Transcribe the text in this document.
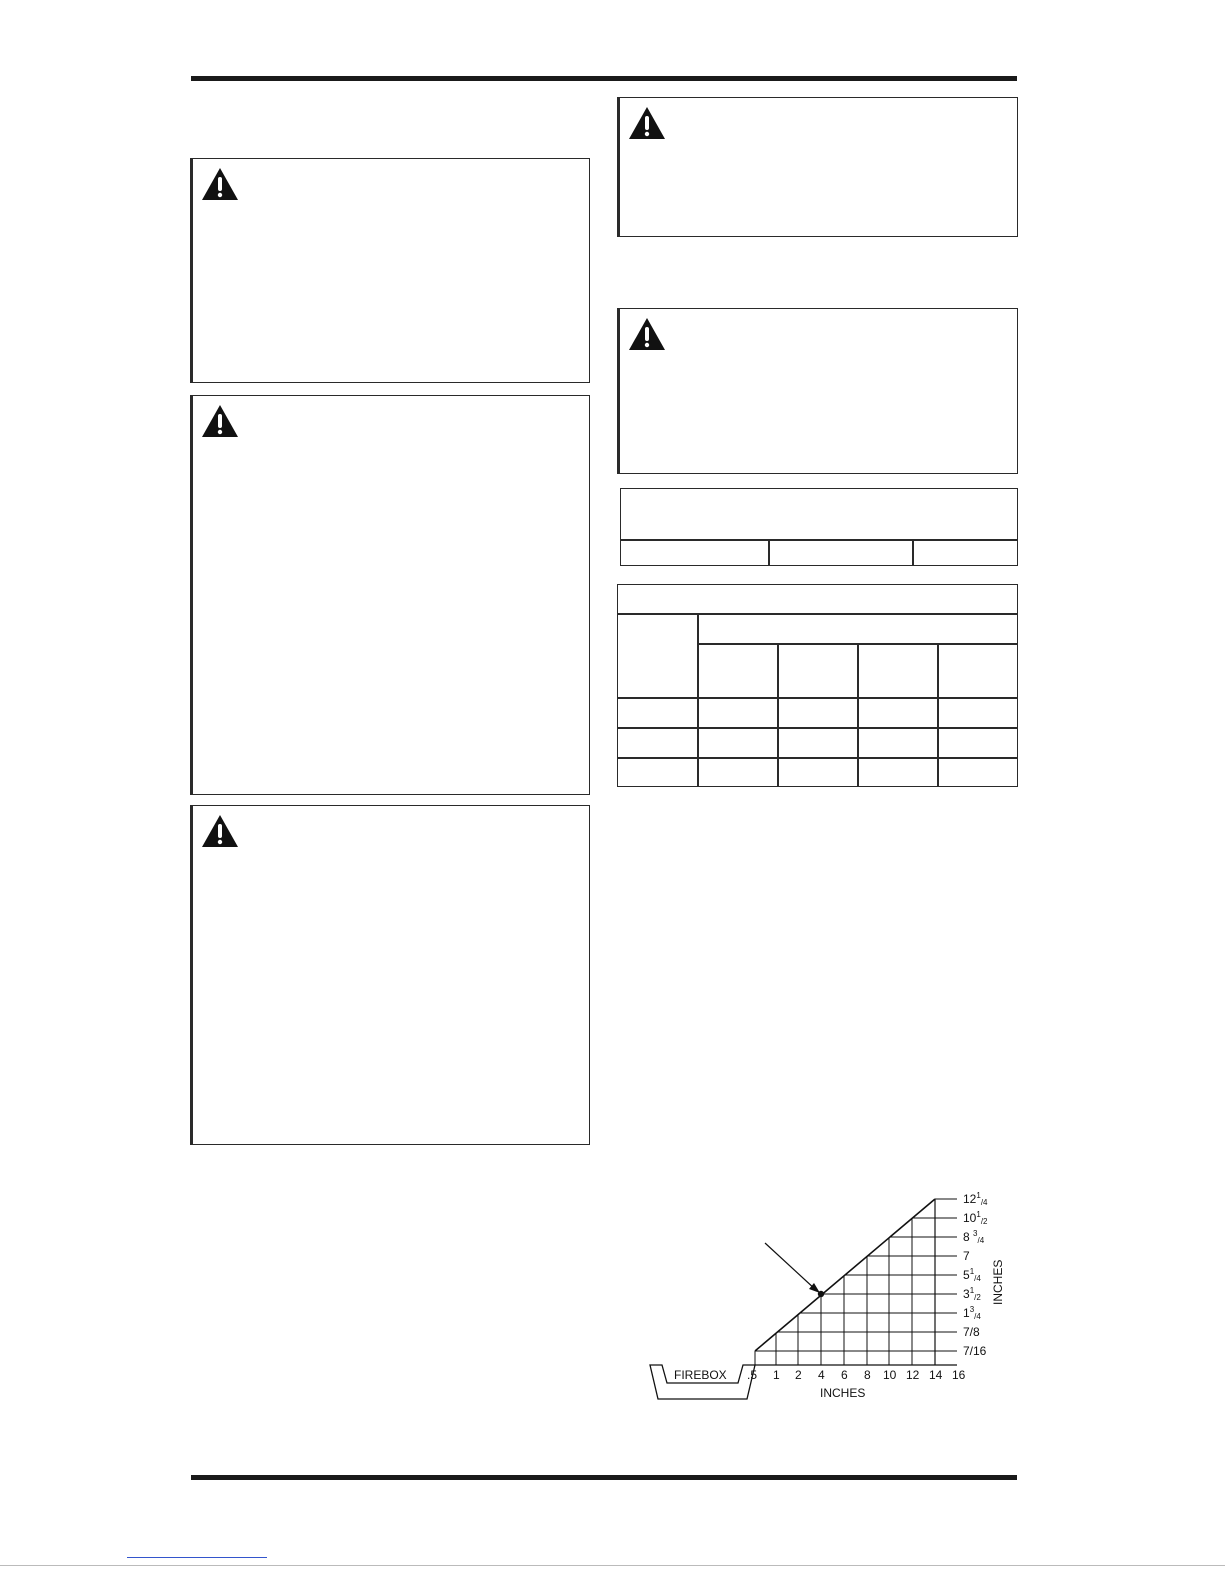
FIREBOX .5 1 2 4 6 8 10 12 14 16
INCHES
$12^1_{/4}$
$10^1_{/2}$
8 $^3_{/4}$
7
$5^1_{/4}$
$3^1_{/2}$
$1^3_{/4}$
7/8
7/16
INCHES
